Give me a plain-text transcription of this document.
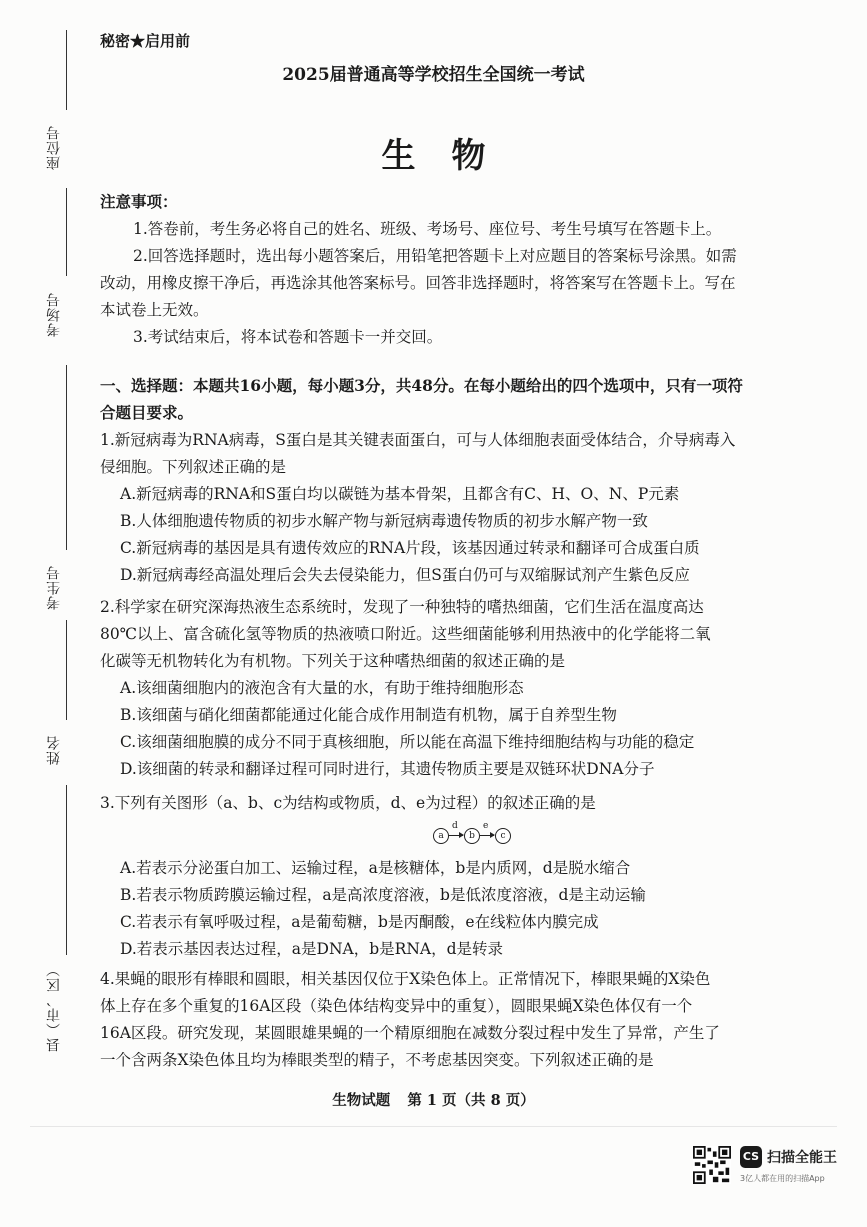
座位号
考场号
考生号
姓名
县（市、区）
秘密★启用前
2025届普通高等学校招生全国统一考试
生物
注意事项：

1.答卷前，考生务必将自己的姓名、班级、考场号、座位号、考生号填写在答题卡上。

2.回答选择题时，选出每小题答案后，用铅笔把答题卡上对应题目的答案标号涂黑。如需

改动，用橡皮擦干净后，再选涂其他答案标号。回答非选择题时，将答案写在答题卡上。写在

本试卷上无效。

3.考试结束后，将本试卷和答题卡一并交回。

一、选择题：本题共16小题，每小题3分，共48分。在每小题给出的四个选项中，只有一项符

合题目要求。

1.新冠病毒为RNA病毒，S蛋白是其关键表面蛋白，可与人体细胞表面受体结合，介导病毒入

侵细胞。下列叙述正确的是

A.新冠病毒的RNA和S蛋白均以碳链为基本骨架，且都含有C、H、O、N、P元素

B.人体细胞遗传物质的初步水解产物与新冠病毒遗传物质的初步水解产物一致

C.新冠病毒的基因是具有遗传效应的RNA片段，该基因通过转录和翻译可合成蛋白质

D.新冠病毒经高温处理后会失去侵染能力，但S蛋白仍可与双缩脲试剂产生紫色反应

2.科学家在研究深海热液生态系统时，发现了一种独特的嗜热细菌，它们生活在温度高达

80℃以上、富含硫化氢等物质的热液喷口附近。这些细菌能够利用热液中的化学能将二氧

化碳等无机物转化为有机物。下列关于这种嗜热细菌的叙述正确的是

A.该细菌细胞内的液泡含有大量的水，有助于维持细胞形态

B.该细菌与硝化细菌都能通过化能合成作用制造有机物，属于自养型生物

C.该细菌细胞膜的成分不同于真核细胞，所以能在高温下维持细胞结构与功能的稳定

D.该细菌的转录和翻译过程可同时进行，其遗传物质主要是双链环状DNA分子

3.下列有关图形（a、b、c为结构或物质，d、e为过程）的叙述正确的是

a
d
b
e
c

A.若表示分泌蛋白加工、运输过程，a是核糖体，b是内质网，d是脱水缩合

B.若表示物质跨膜运输过程，a是高浓度溶液，b是低浓度溶液，d是主动运输

C.若表示有氧呼吸过程，a是葡萄糖，b是丙酮酸，e在线粒体内膜完成

D.若表示基因表达过程，a是DNA，b是RNA，d是转录

4.果蝇的眼形有棒眼和圆眼，相关基因仅位于X染色体上。正常情况下，棒眼果蝇的X染色

体上存在多个重复的16A区段（染色体结构变异中的重复），圆眼果蝇X染色体仅有一个

16A区段。研究发现，某圆眼雄果蝇的一个精原细胞在减数分裂过程中发生了异常，产生了

一个含两条X染色体且均为棒眼类型的精子，不考虑基因突变。下列叙述正确的是

生物试题 第 1 页（共 8 页）
CS 扫描全能王
3亿人都在用的扫描App
